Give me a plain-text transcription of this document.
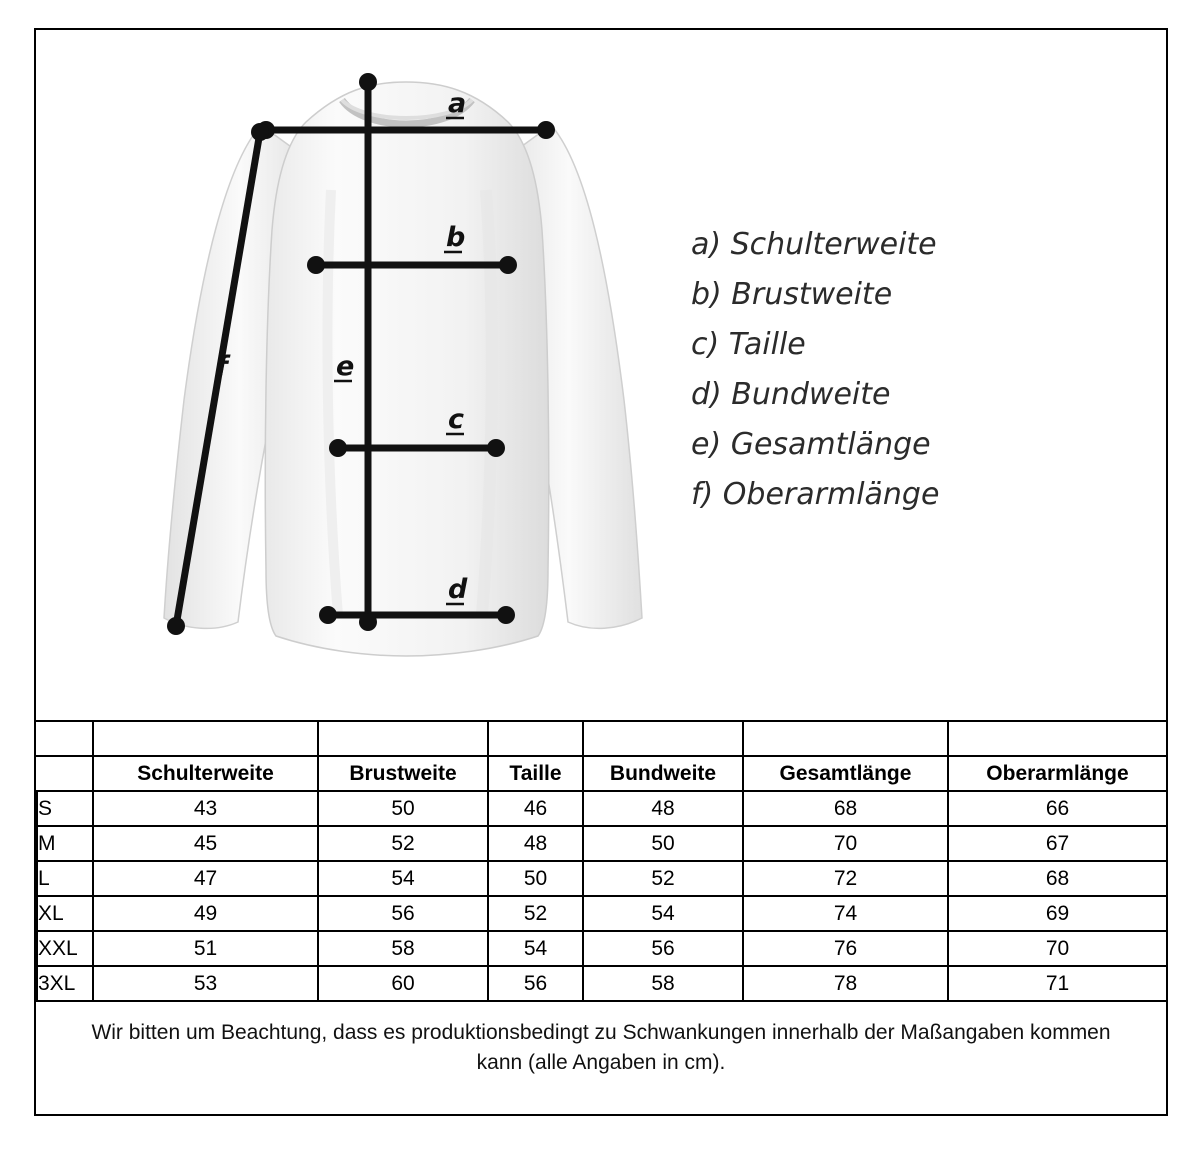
a
b
c
d
e
f
a) Schulterweite
b) Brustweite
c) Taille
d) Bundweite
e) Gesamtlänge
f) Oberarmlänge

	Schulterweite	Brustweite	Taille	Bundweite	Gesamtlänge	Oberarmlänge
S	43	50	46	48	68	66
M	45	52	48	50	70	67
L	47	54	50	52	72	68
XL	49	56	52	54	74	69
XXL	51	58	54	56	76	70
3XL	53	60	56	58	78	71
Wir bitten um Beachtung, dass es produktionsbedingt zu Schwankungen innerhalb der Maßangaben kommen kann (alle Angaben in cm).
